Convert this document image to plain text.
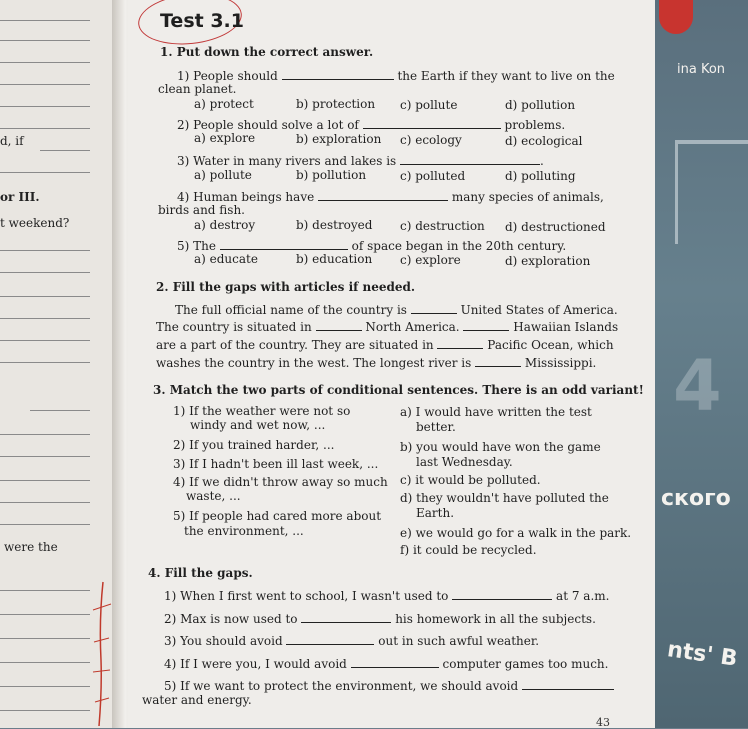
d, if
or III.
t weekend?
were the
ina Kon
4
ского
nts' B
Test 3.1
1. Put down the correct answer.
1) People should	the Earth if they want to live on the
clean planet.
a) protect	b) protection c) pollute	d) pollution
2) People should solve a lot of	problems.
a) explore	b) exploration c) ecology	d) ecological
3) Water in many rivers and lakes is	.
a) pollute	b) pollution	c) polluted	d) polluting
4) Human beings have	many species of animals,
birds and fish.
a) destroy	b) destroyed c) destruction d) destructioned
5) The	of space began in the 20th century.
a) educate	b) education c) explore	d) exploration
2. Fill the gaps with articles if needed.
The full official name of the country is	United States of America.
The country is situated in	North America.	Hawaiian Islands
are a part of the country. They are situated in	Pacific Ocean, which
washes the country in the west. The longest river is	Mississippi.
3. Match the two parts of conditional sentences. There is an odd variant!
1) If the weather were not so
windy and wet now, ...
2) If you trained harder, ...
3) If I hadn't been ill last week, ...
4) If we didn't throw away so much
waste, ...
5) If people had cared more about
the environment, ...
a) I would have written the test
better.
b) you would have won the game
last Wednesday.
c) it would be polluted.
d) they wouldn't have polluted the
Earth.
e) we would go for a walk in the park.
f) it could be recycled.
4. Fill the gaps.
1) When I first went to school, I wasn't used to	at 7 a.m.
2) Max is now used to	his homework in all the subjects.
3) You should avoid	out in such awful weather.
4) If I were you, I would avoid	computer games too much.
5) If we want to protect the environment, we should avoid
water and energy.
43
